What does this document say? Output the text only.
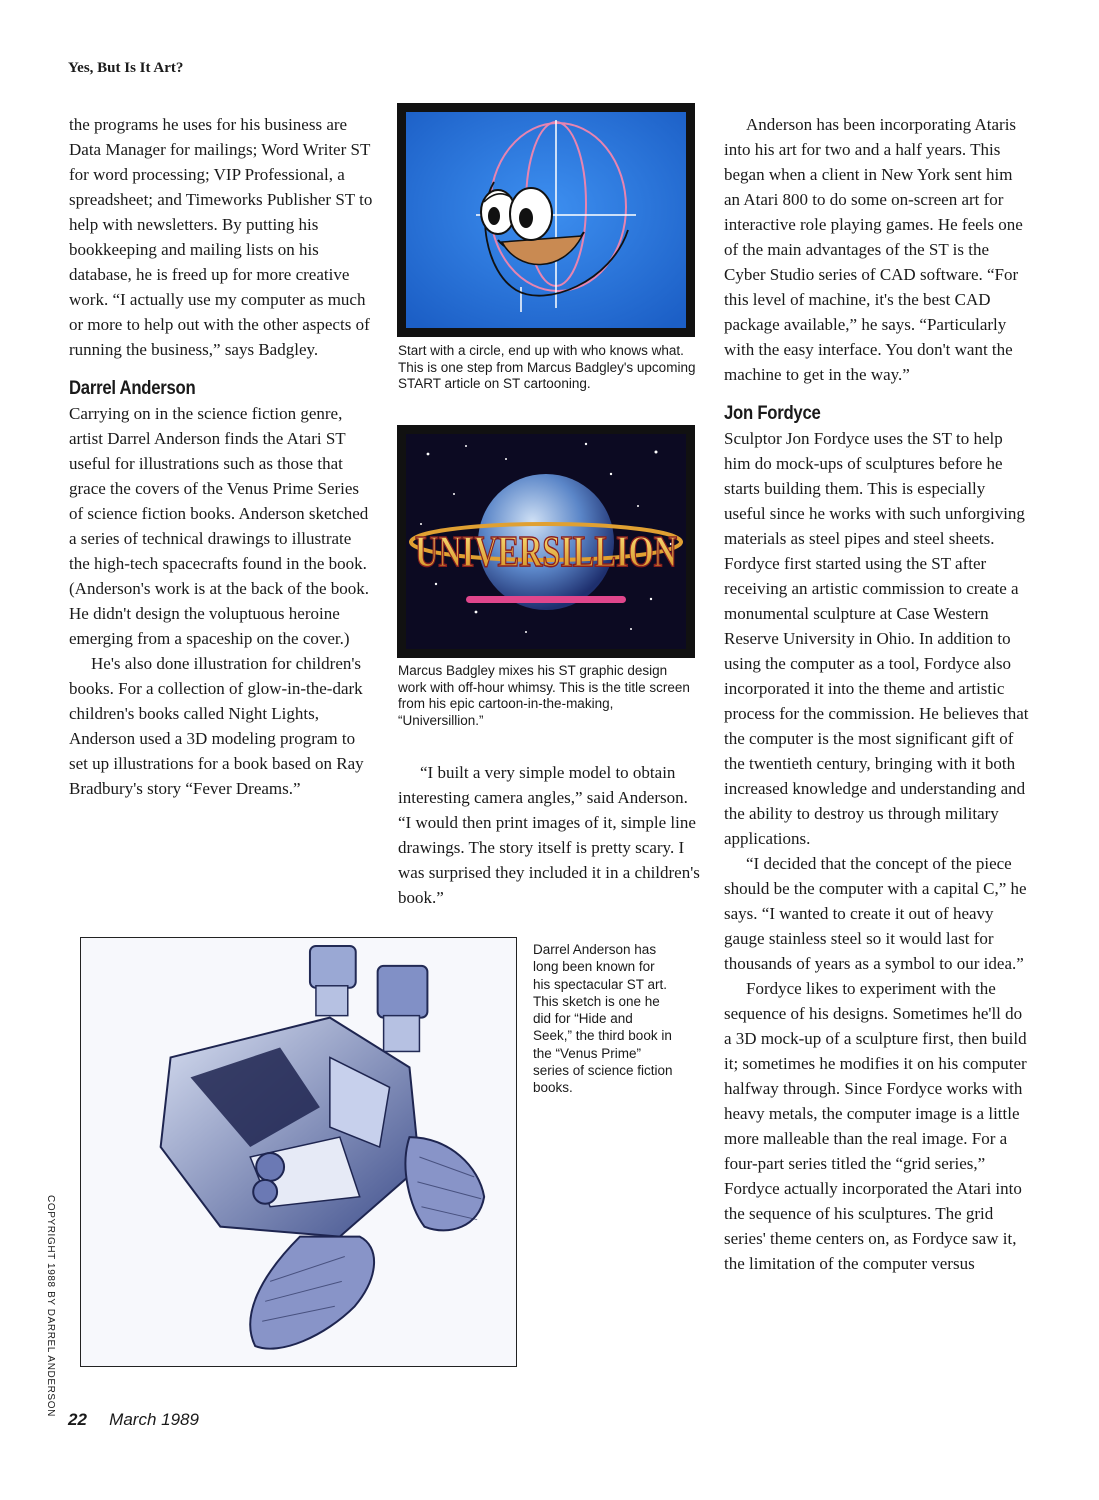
Yes, But Is It Art?

the programs he uses for his business are Data Manager for mailings; Word Writer ST for word processing; VIP Professional, a spreadsheet; and Timeworks Publisher ST to help with newsletters. By putting his bookkeeping and mailing lists on his database, he is freed up for more creative work. “I actually use my computer as much or more to help out with the other aspects of running the business,” says Badgley.

Darrel Anderson

Carrying on in the science fiction genre, artist Darrel Anderson finds the Atari ST useful for illustrations such as those that grace the covers of the Venus Prime Series of science fiction books. Anderson sketched a series of technical drawings to illustrate the high-tech spacecrafts found in the book. (Anderson's work is at the back of the book. He didn't design the voluptuous heroine emerging from a spaceship on the cover.)

He's also done illustration for children's books. For a collection of glow-in-the-dark children's books called Night Lights, Anderson used a 3D modeling program to set up illustrations for a book based on Ray Bradbury's story “Fever Dreams.”

Start with a circle, end up with who knows what. This is one step from Marcus Badgley's upcoming START article on ST cartooning.

UNIVERSILLION

Marcus Badgley mixes his ST graphic design work with off-hour whimsy. This is the title screen from his epic cartoon-in-the-making, “Universillion.”

“I built a very simple model to obtain interesting camera angles,” said Anderson. “I would then print images of it, simple line drawings. The story itself is pretty scary. I was surprised they included it in a children's book.”

Darrel Anderson has long been known for his spectacular ST art. This sketch is one he did for “Hide and Seek,” the third book in the “Venus Prime” series of science fiction books.

COPYRIGHT 1988 BY DARREL ANDERSON

Anderson has been incorporating Ataris into his art for two and a half years. This began when a client in New York sent him an Atari 800 to do some on-screen art for interactive role playing games. He feels one of the main advantages of the ST is the Cyber Studio series of CAD software. “For this level of machine, it's the best CAD package available,” he says. “Particularly with the easy interface. You don't want the machine to get in the way.”

Jon Fordyce

Sculptor Jon Fordyce uses the ST to help him do mock-ups of sculptures before he starts building them. This is especially useful since he works with such unforgiving materials as steel pipes and steel sheets. Fordyce first started using the ST after receiving an artistic commission to create a monumental sculpture at Case Western Reserve University in Ohio. In addition to using the computer as a tool, Fordyce also incorporated it into the theme and artistic process for the commission. He believes that the computer is the most significant gift of the twentieth century, bringing with it both increased knowledge and understanding and the ability to destroy us through military applications.

“I decided that the concept of the piece should be the computer with a capital C,” he says. “I wanted to create it out of heavy gauge stainless steel so it would last for thousands of years as a symbol to our idea.”

Fordyce likes to experiment with the sequence of his designs. Sometimes he'll do a 3D mock-up of a sculpture first, then build it; sometimes he modifies it on his computer halfway through. Since Fordyce works with heavy metals, the computer image is a little more malleable than the real image. For a four-part series titled the “grid series,” Fordyce actually incorporated the Atari into the sequence of his sculptures. The grid series' theme centers on, as Fordyce saw it, the limitation of the computer versus

22 March 1989
